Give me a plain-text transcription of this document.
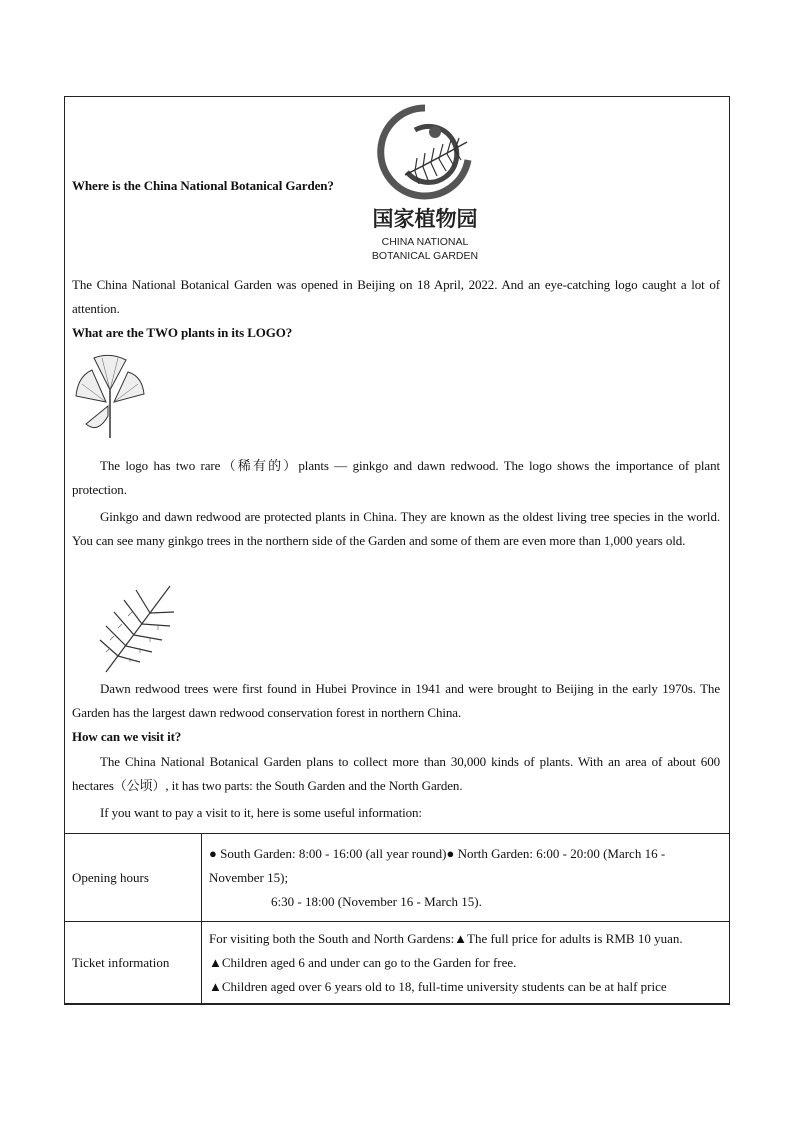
Where is the China National Botanical Garden?

国家植物园
CHINA NATIONAL
BOTANICAL GARDEN

The China National Botanical Garden was opened in Beijing on 18 April, 2022. And an eye-catching logo caught a lot of attention.

What are the TWO plants in its LOGO?

The logo has two rare（稀有的）plants — ginkgo and dawn redwood. The logo shows the importance of plant protection.

Ginkgo and dawn redwood are protected plants in China. They are known as the oldest living tree species in the world. You can see many ginkgo trees in the northern side of the Garden and some of them are even more than 1,000 years old.

Dawn redwood trees were first found in Hubei Province in 1941 and were brought to Beijing in the early 1970s. The Garden has the largest dawn redwood conservation forest in northern China.

How can we visit it?

The China National Botanical Garden plans to collect more than 30,000 kinds of plants. With an area of about 600 hectares（公顷）, it has two parts: the South Garden and the North Garden.

If you want to pay a visit to it, here is some useful information:

Opening hours	● South Garden: 8:00 - 16:00 (all year round)● North Garden: 6:00 - 20:00 (March 16 - November 15);
6:30 - 18:00 (November 16 - March 15).

Ticket information	For visiting both the South and North Gardens:▲The full price for adults is RMB 10 yuan.
▲Children aged 6 and under can go to the Garden for free.
▲Children aged over 6 years old to 18, full-time university students can be at half price
